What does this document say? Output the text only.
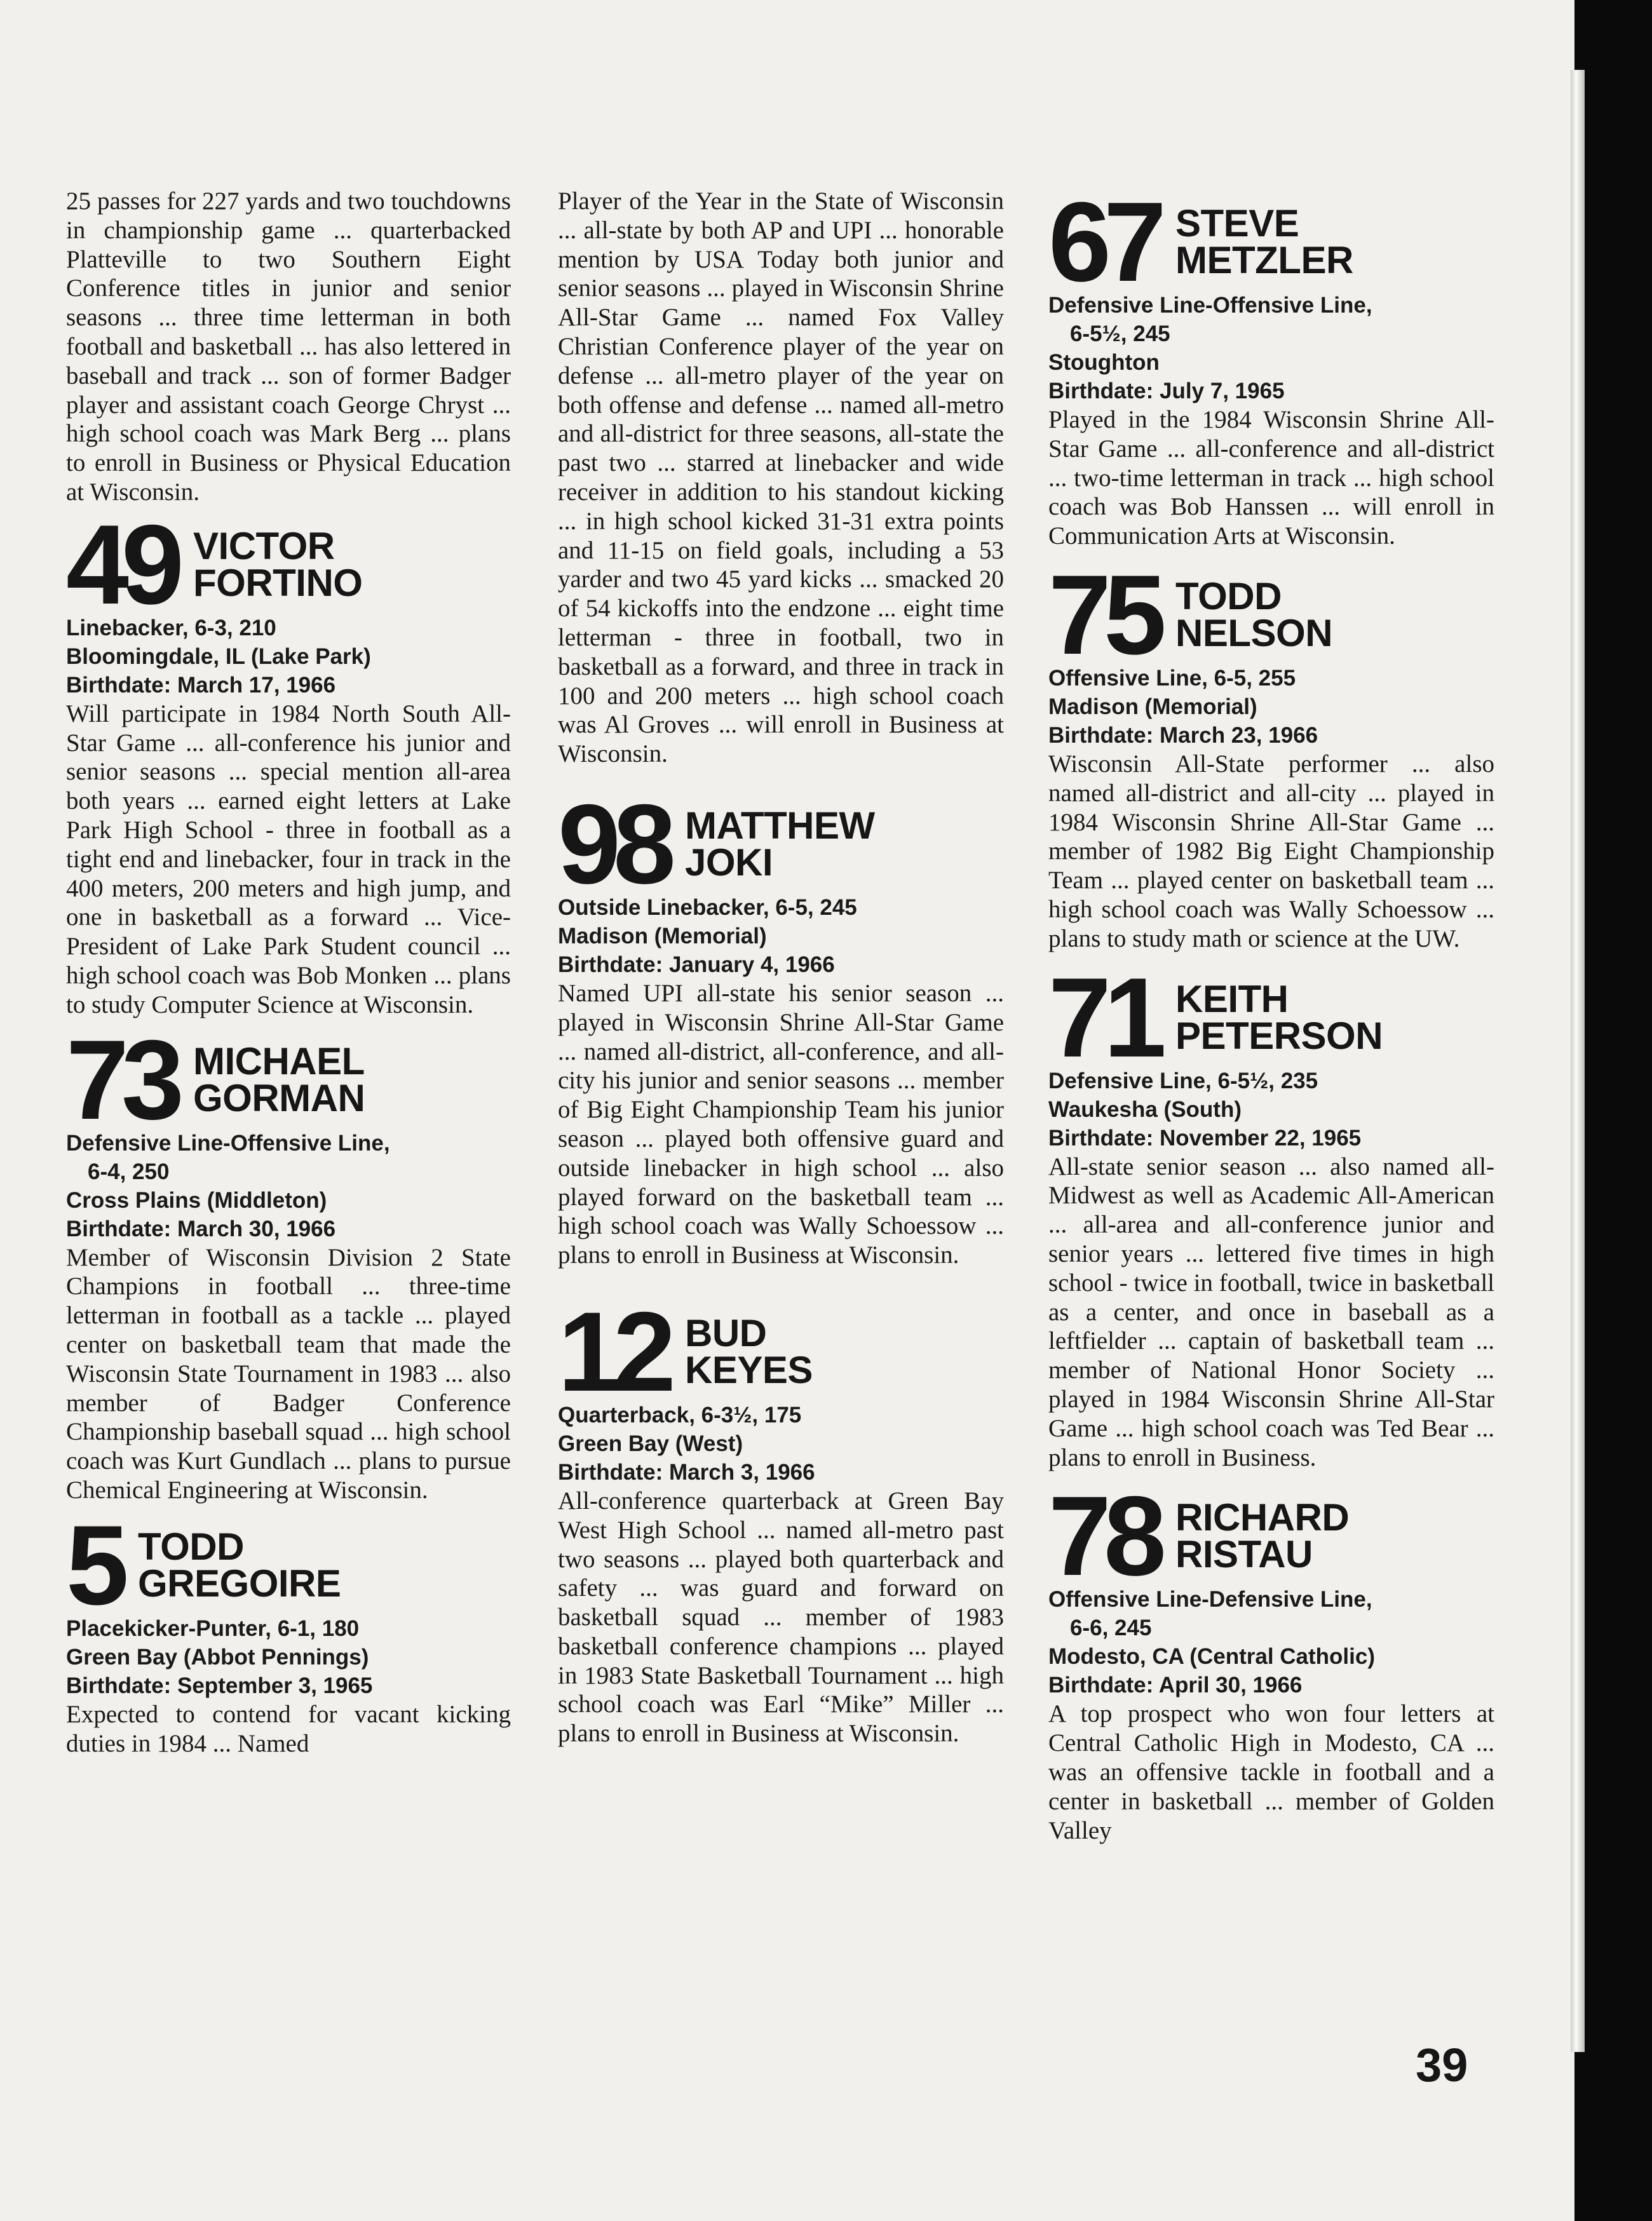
25 passes for 227 yards and two touchdowns in championship game ... quarterbacked Platteville to two Southern Eight Conference titles in junior and senior seasons ... three time letterman in both football and basketball ... has also lettered in baseball and track ... son of former Badger player and assistant coach George Chryst ... high school coach was Mark Berg ... plans to enroll in Business or Physical Education at Wisconsin.

49 VICTOR
FORTINO
Linebacker, 6-3, 210
Bloomingdale, IL (Lake Park)
Birthdate: March 17, 1966

Will participate in 1984 North South All-Star Game ... all-conference his junior and senior seasons ... special mention all-area both years ... earned eight letters at Lake Park High School - three in football as a tight end and linebacker, four in track in the 400 meters, 200 meters and high jump, and one in basketball as a forward ... Vice-President of Lake Park Student council ... high school coach was Bob Monken ... plans to study Computer Science at Wisconsin.

73 MICHAEL
GORMAN
Defensive Line-Offensive Line,
6-4, 250
Cross Plains (Middleton)
Birthdate: March 30, 1966

Member of Wisconsin Division 2 State Champions in football ... three-time letterman in football as a tackle ... played center on basketball team that made the Wisconsin State Tournament in 1983 ... also member of Badger Conference Championship baseball squad ... high school coach was Kurt Gundlach ... plans to pursue Chemical Engineering at Wisconsin.

5 TODD
GREGOIRE
Placekicker-Punter, 6-1, 180
Green Bay (Abbot Pennings)
Birthdate: September 3, 1965

Expected to contend for vacant kicking duties in 1984 ... Named

Player of the Year in the State of Wisconsin ... all-state by both AP and UPI ... honorable mention by USA Today both junior and senior seasons ... played in Wisconsin Shrine All-Star Game ... named Fox Valley Christian Conference player of the year on defense ... all-metro player of the year on both offense and defense ... named all-metro and all-district for three seasons, all-state the past two ... starred at linebacker and wide receiver in addition to his standout kicking ... in high school kicked 31-31 extra points and 11-15 on field goals, including a 53 yarder and two 45 yard kicks ... smacked 20 of 54 kickoffs into the endzone ... eight time letterman - three in football, two in basketball as a forward, and three in track in 100 and 200 meters ... high school coach was Al Groves ... will enroll in Business at Wisconsin.

98 MATTHEW
JOKI
Outside Linebacker, 6-5, 245
Madison (Memorial)
Birthdate: January 4, 1966

Named UPI all-state his senior season ... played in Wisconsin Shrine All-Star Game ... named all-district, all-conference, and all-city his junior and senior seasons ... member of Big Eight Championship Team his junior season ... played both offensive guard and outside linebacker in high school ... also played forward on the basketball team ... high school coach was Wally Schoessow ... plans to enroll in Business at Wisconsin.

12 BUD
KEYES
Quarterback, 6-3½, 175
Green Bay (West)
Birthdate: March 3, 1966

All-conference quarterback at Green Bay West High School ... named all-metro past two seasons ... played both quarterback and safety ... was guard and forward on basketball squad ... member of 1983 basketball conference champions ... played in 1983 State Basketball Tournament ... high school coach was Earl “Mike” Miller ... plans to enroll in Business at Wisconsin.

67 STEVE
METZLER
Defensive Line-Offensive Line,
6-5½, 245
Stoughton
Birthdate: July 7, 1965

Played in the 1984 Wisconsin Shrine All-Star Game ... all-conference and all-district ... two-time letterman in track ... high school coach was Bob Hanssen ... will enroll in Communication Arts at Wisconsin.

75 TODD
NELSON
Offensive Line, 6-5, 255
Madison (Memorial)
Birthdate: March 23, 1966

Wisconsin All-State performer ... also named all-district and all-city ... played in 1984 Wisconsin Shrine All-Star Game ... member of 1982 Big Eight Championship Team ... played center on basketball team ... high school coach was Wally Schoessow ... plans to study math or science at the UW.

71 KEITH
PETERSON
Defensive Line, 6-5½, 235
Waukesha (South)
Birthdate: November 22, 1965

All-state senior season ... also named all-Midwest as well as Academic All-American ... all-area and all-conference junior and senior years ... lettered five times in high school - twice in football, twice in basketball as a center, and once in baseball as a leftfielder ... captain of basketball team ... member of National Honor Society ... played in 1984 Wisconsin Shrine All-Star Game ... high school coach was Ted Bear ... plans to enroll in Business.

78 RICHARD
RISTAU
Offensive Line-Defensive Line,
6-6, 245
Modesto, CA (Central Catholic)
Birthdate: April 30, 1966

A top prospect who won four letters at Central Catholic High in Modesto, CA ... was an offensive tackle in football and a center in basketball ... member of Golden Valley

39
